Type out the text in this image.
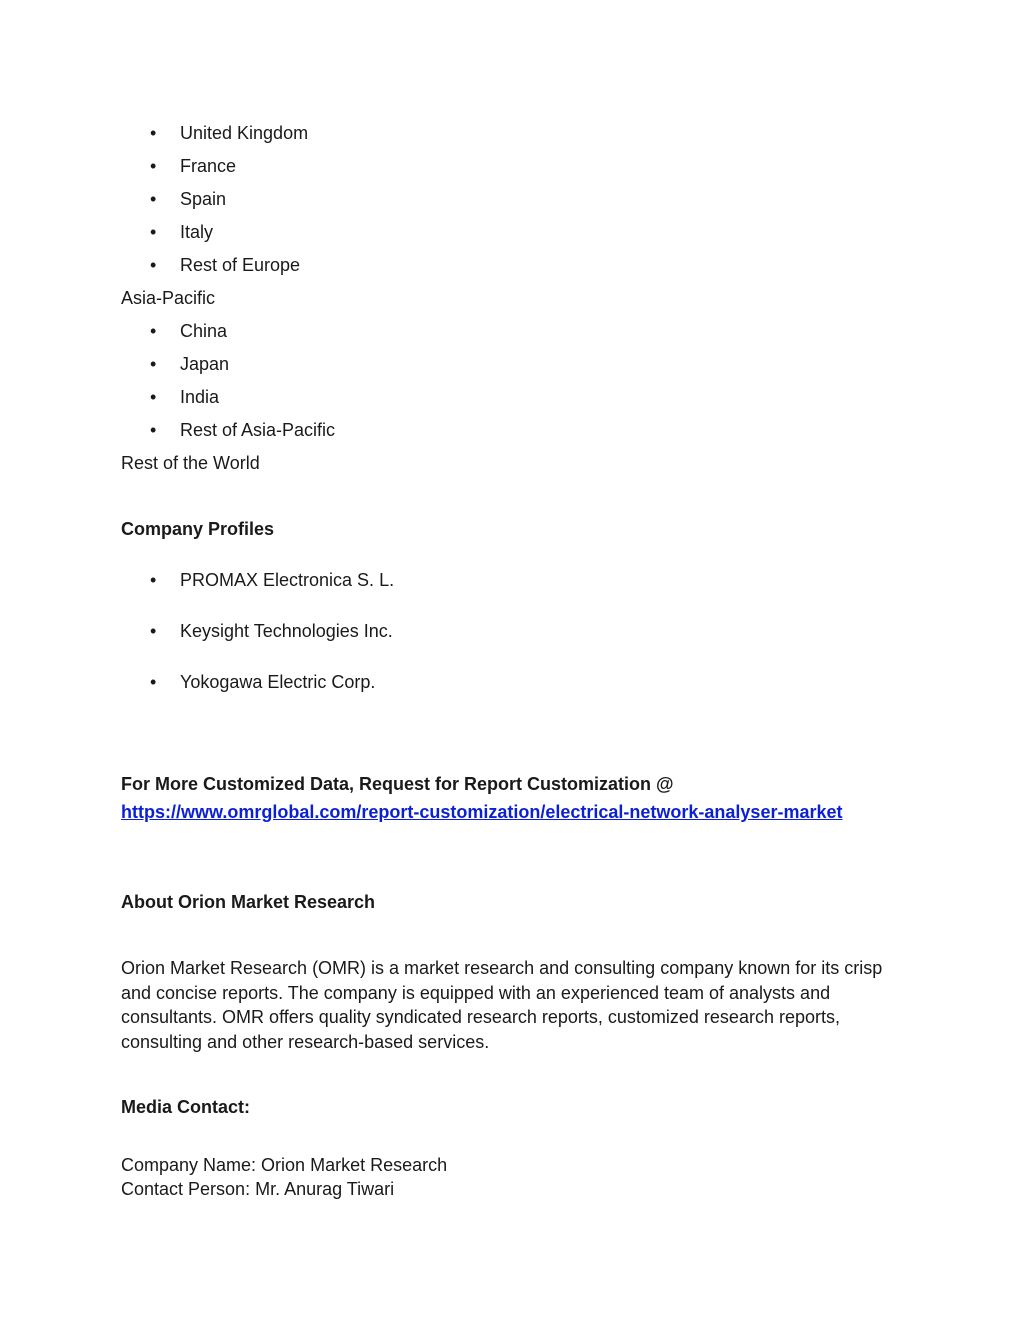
• United Kingdom
• France
• Spain
• Italy
• Rest of Europe
Asia-Pacific
• China
• Japan
• India
• Rest of Asia-Pacific
Rest of the World
Company Profiles
• PROMAX Electronica S. L.
• Keysight Technologies Inc.
• Yokogawa Electric Corp.
For More Customized Data, Request for Report Customization @
https://www.omrglobal.com/report-customization/electrical-network-analyser-market
About Orion Market Research
Orion Market Research (OMR) is a market research and consulting company known for its crisp and concise reports. The company is equipped with an experienced team of analysts and consultants. OMR offers quality syndicated research reports, customized research reports, consulting and other research-based services.
Media Contact:
Company Name: Orion Market Research
Contact Person: Mr. Anurag Tiwari
